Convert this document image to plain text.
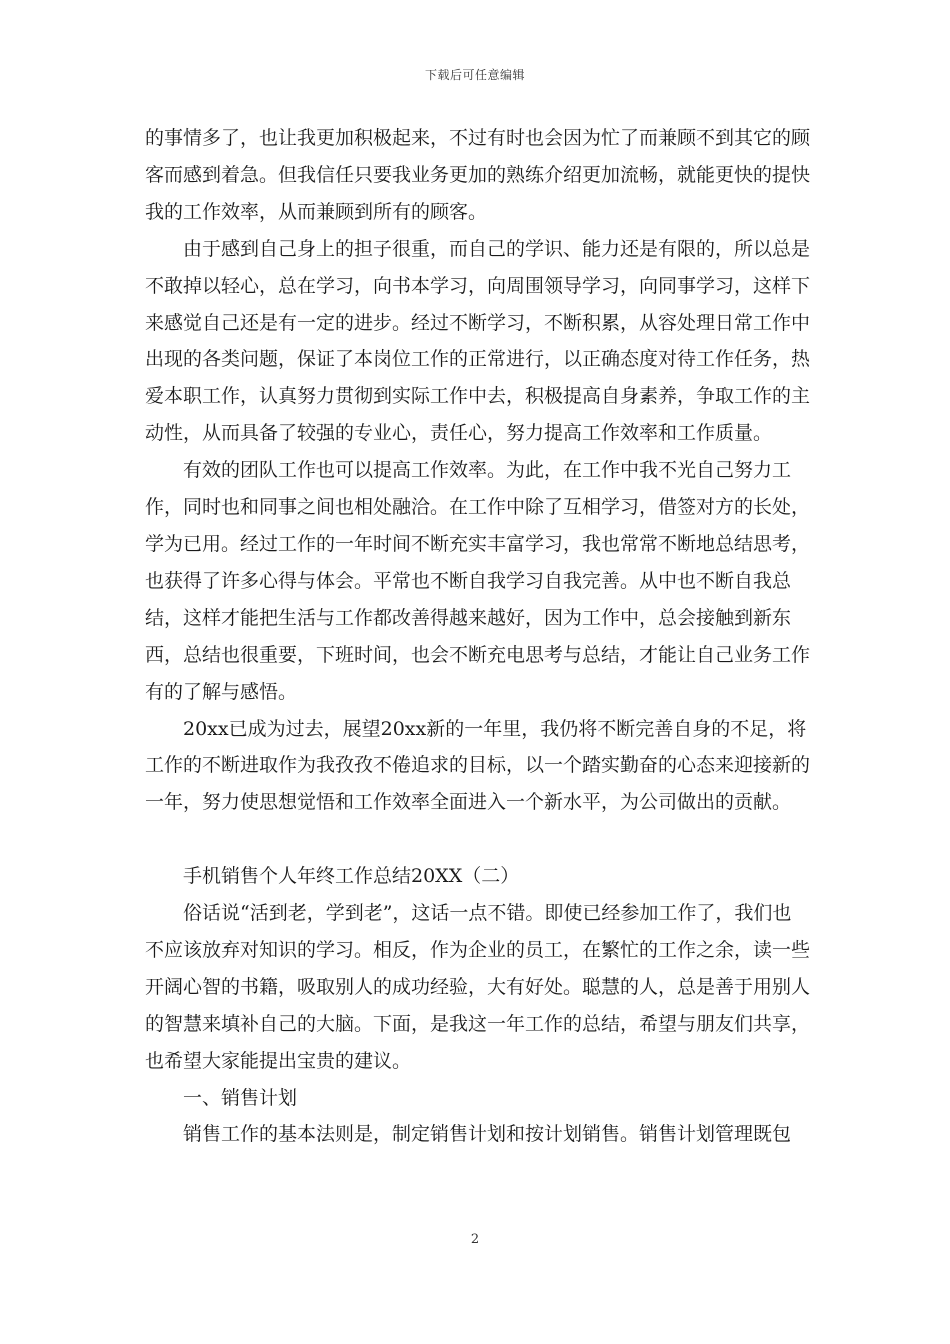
下载后可任意编辑

的事情多了，也让我更加积极起来，不过有时也会因为忙了而兼顾不到其它的顾客而感到着急。但我信任只要我业务更加的熟练介绍更加流畅，就能更快的提快我的工作效率，从而兼顾到所有的顾客。

由于感到自己身上的担子很重，而自己的学识、能力还是有限的，所以总是不敢掉以轻心，总在学习，向书本学习，向周围领导学习，向同事学习，这样下来感觉自己还是有一定的进步。经过不断学习，不断积累，从容处理日常工作中出现的各类问题，保证了本岗位工作的正常进行，以正确态度对待工作任务，热爱本职工作，认真努力贯彻到实际工作中去，积极提高自身素养，争取工作的主动性，从而具备了较强的专业心，责任心，努力提高工作效率和工作质量。

有效的团队工作也可以提高工作效率。为此，在工作中我不光自己努力工作，同时也和同事之间也相处融洽。在工作中除了互相学习，借签对方的长处，学为已用。经过工作的一年时间不断充实丰富学习，我也常常不断地总结思考，也获得了许多心得与体会。平常也不断自我学习自我完善。从中也不断自我总结，这样才能把生活与工作都改善得越来越好，因为工作中，总会接触到新东西，总结也很重要，下班时间，也会不断充电思考与总结，才能让自己业务工作有的了解与感悟。

20xx已成为过去，展望20xx新的一年里，我仍将不断完善自身的不足，将工作的不断进取作为我孜孜不倦追求的目标，以一个踏实勤奋的心态来迎接新的一年，努力使思想觉悟和工作效率全面进入一个新水平，为公司做出的贡献。

手机销售个人年终工作总结20XX（二）

俗话说“活到老，学到老”，这话一点不错。即使已经参加工作了，我们也不应该放弃对知识的学习。相反，作为企业的员工，在繁忙的工作之余，读一些开阔心智的书籍，吸取别人的成功经验，大有好处。聪慧的人，总是善于用别人的智慧来填补自己的大脑。下面，是我这一年工作的总结，希望与朋友们共享，也希望大家能提出宝贵的建议。

一、销售计划

销售工作的基本法则是，制定销售计划和按计划销售。销售计划管理既包

2
